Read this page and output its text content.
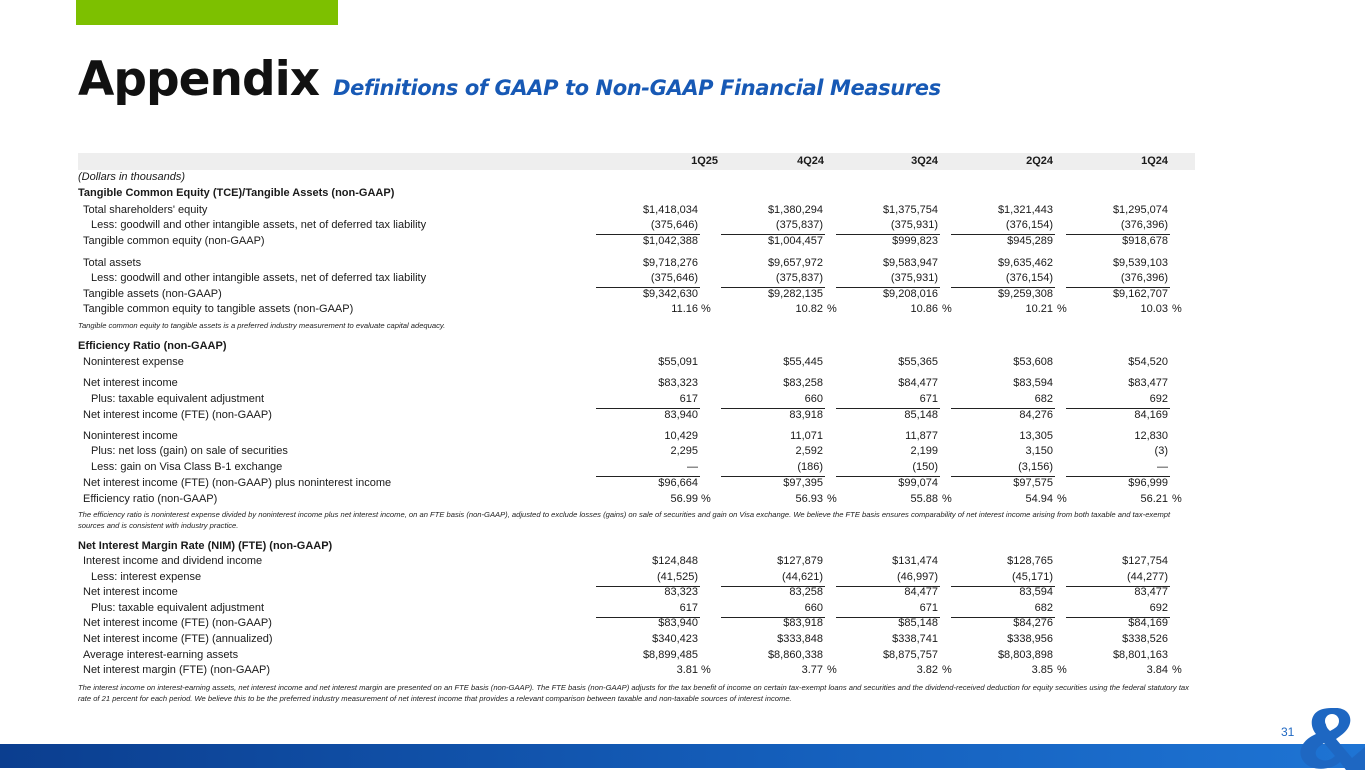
Appendix Definitions of GAAP to Non-GAAP Financial Measures
1Q25	4Q24	3Q24	2Q24	1Q24
(Dollars in thousands)
Tangible Common Equity (TCE)/Tangible Assets (non-GAAP)
Total shareholders' equity	$1,418,034	$1,380,294	$1,375,754	$1,321,443	$1,295,074
Less: goodwill and other intangible assets, net of deferred tax liability	(375,646)	(375,837)	(375,931)	(376,154)	(376,396)
Tangible common equity (non-GAAP)	$1,042,388	$1,004,457	$999,823	$945,289	$918,678
Total assets	$9,718,276	$9,657,972	$9,583,947	$9,635,462	$9,539,103
Less: goodwill and other intangible assets, net of deferred tax liability	(375,646)	(375,837)	(375,931)	(376,154)	(376,396)
Tangible assets (non-GAAP)	$9,342,630	$9,282,135	$9,208,016	$9,259,308	$9,162,707
Tangible common equity to tangible assets (non-GAAP)	11.16 %	10.82 %	10.86 %	10.21 %	10.03 %
Tangible common equity to tangible assets is a preferred industry measurement to evaluate capital adequacy.
Efficiency Ratio (non-GAAP)
Noninterest expense	$55,091	$55,445	$55,365	$53,608	$54,520
Net interest income	$83,323	$83,258	$84,477	$83,594	$83,477
Plus: taxable equivalent adjustment	617	660	671	682	692
Net interest income (FTE) (non-GAAP)	83,940	83,918	85,148	84,276	84,169
Noninterest income	10,429	11,071	11,877	13,305	12,830
Plus: net loss (gain) on sale of securities	2,295	2,592	2,199	3,150	(3)
Less: gain on Visa Class B-1 exchange	—	(186)	(150)	(3,156)	—
Net interest income (FTE) (non-GAAP) plus noninterest income	$96,664	$97,395	$99,074	$97,575	$96,999
Efficiency ratio (non-GAAP)	56.99 %	56.93 %	55.88 %	54.94 %	56.21 %
The efficiency ratio is noninterest expense divided by noninterest income plus net interest income, on an FTE basis (non-GAAP), adjusted to exclude losses (gains) on sale of securities and gain on Visa exchange. We believe the FTE basis ensures comparability of net interest income arising from both taxable and tax-exempt sources and is consistent with industry practice.
Net Interest Margin Rate (NIM) (FTE) (non-GAAP)
Interest income and dividend income	$124,848	$127,879	$131,474	$128,765	$127,754
Less: interest expense	(41,525)	(44,621)	(46,997)	(45,171)	(44,277)
Net interest income	83,323	83,258	84,477	83,594	83,477
Plus: taxable equivalent adjustment	617	660	671	682	692
Net interest income (FTE) (non-GAAP)	$83,940	$83,918	$85,148	$84,276	$84,169
Net interest income (FTE) (annualized)	$340,423	$333,848	$338,741	$338,956	$338,526
Average interest-earning assets	$8,899,485	$8,860,338	$8,875,757	$8,803,898	$8,801,163
Net interest margin (FTE) (non-GAAP)	3.81 %	3.77 %	3.82 %	3.85 %	3.84 %
The interest income on interest-earning assets, net interest income and net interest margin are presented on an FTE basis (non-GAAP). The FTE basis (non-GAAP) adjusts for the tax benefit of income on certain tax-exempt loans and securities and the dividend-received deduction for equity securities using the federal statutory tax rate of 21 percent for each period. We believe this to be the preferred industry measurement of net interest income that provides a relevant comparison between taxable and non-taxable sources of interest income.
31
